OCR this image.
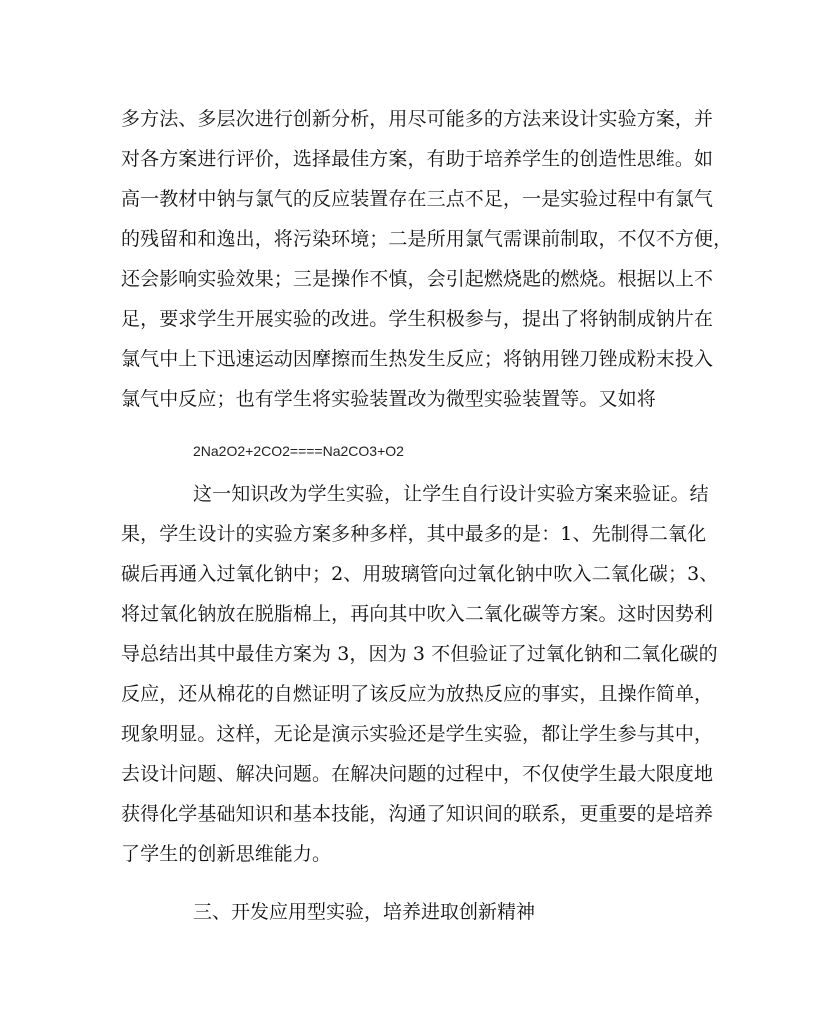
多方法、多层次进行创新分析，用尽可能多的方法来设计实验方案，并
对各方案进行评价，选择最佳方案，有助于培养学生的创造性思维。如
高一教材中钠与氯气的反应装置存在三点不足，一是实验过程中有氯气
的残留和和逸出，将污染环境；二是所用氯气需课前制取，不仅不方便，
还会影响实验效果；三是操作不慎，会引起燃烧匙的燃烧。根据以上不
足，要求学生开展实验的改进。学生积极参与，提出了将钠制成钠片在
氯气中上下迅速运动因摩擦而生热发生反应；将钠用锉刀锉成粉末投入
氯气中反应；也有学生将实验装置改为微型实验装置等。又如将
2Na2O2+2CO2====Na2CO3+O2
这一知识改为学生实验，让学生自行设计实验方案来验证。结
果，学生设计的实验方案多种多样，其中最多的是：1、先制得二氧化
碳后再通入过氧化钠中；2、用玻璃管向过氧化钠中吹入二氧化碳；3、
将过氧化钠放在脱脂棉上，再向其中吹入二氧化碳等方案。这时因势利
导总结出其中最佳方案为 3，因为 3 不但验证了过氧化钠和二氧化碳的
反应，还从棉花的自燃证明了该反应为放热反应的事实，且操作简单，
现象明显。这样，无论是演示实验还是学生实验，都让学生参与其中，
去设计问题、解决问题。在解决问题的过程中，不仅使学生最大限度地
获得化学基础知识和基本技能，沟通了知识间的联系，更重要的是培养
了学生的创新思维能力。
三、开发应用型实验，培养进取创新精神
